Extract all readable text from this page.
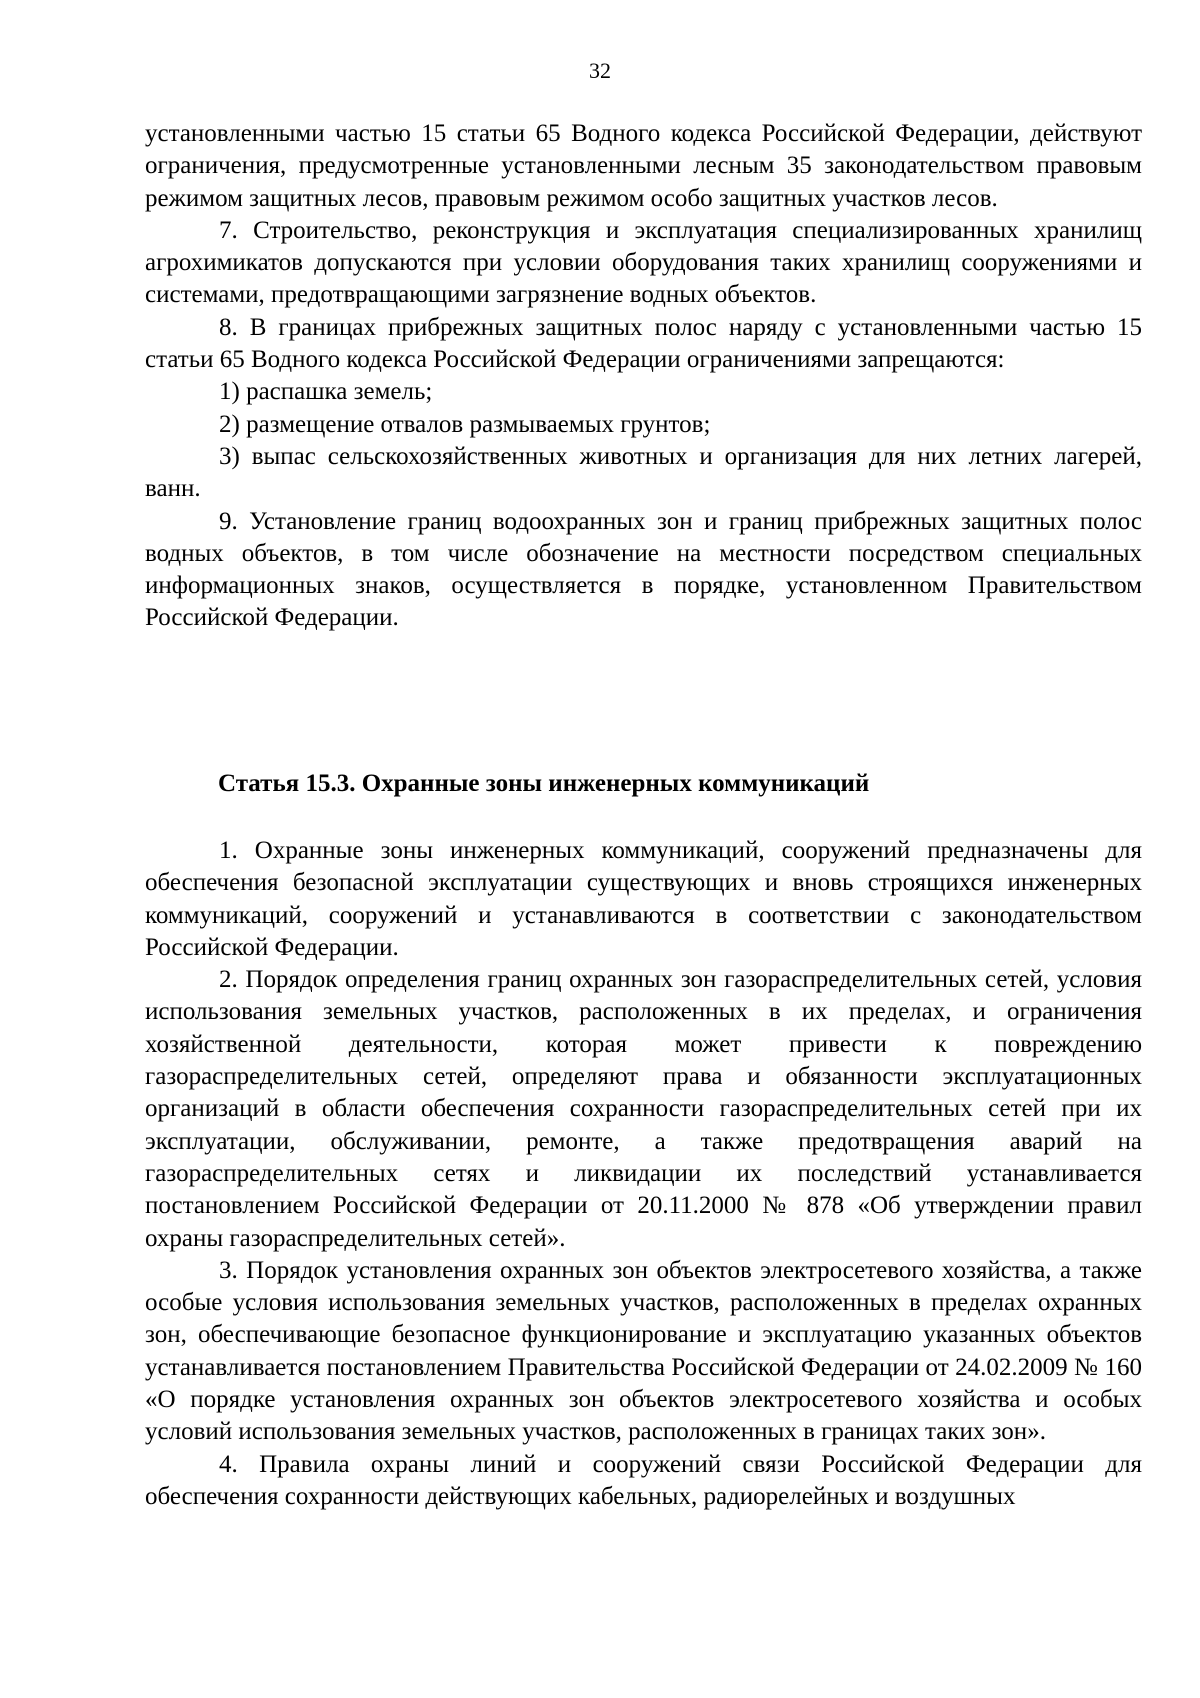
32

установленными частью 15 статьи 65 Водного кодекса Российской Федерации, действуют ограничения, предусмотренные установленными лесным 35 законодательством правовым режимом защитных лесов, правовым режимом особо защитных участков лесов.

7. Строительство, реконструкция и эксплуатация специализированных хранилищ агрохимикатов допускаются при условии оборудования таких хранилищ сооружениями и системами, предотвращающими загрязнение водных объектов.

8. В границах прибрежных защитных полос наряду с установленными частью 15 статьи 65 Водного кодекса Российской Федерации ограничениями запрещаются:

1) распашка земель;

2) размещение отвалов размываемых грунтов;

3) выпас сельскохозяйственных животных и организация для них летних лагерей, ванн.

9. Установление границ водоохранных зон и границ прибрежных защитных полос водных объектов, в том числе обозначение на местности посредством специальных информационных знаков, осуществляется в порядке, установленном Правительством Российской Федерации.

Статья 15.3. Охранные зоны инженерных коммуникаций

1. Охранные зоны инженерных коммуникаций, сооружений предназначены для обеспечения безопасной эксплуатации существующих и вновь строящихся инженерных коммуникаций, сооружений и устанавливаются в соответствии с законодательством Российской Федерации.

2. Порядок определения границ охранных зон газораспределительных сетей, условия использования земельных участков, расположенных в их пределах, и ограничения хозяйственной деятельности, которая может привести к повреждению газораспределительных сетей, определяют права и обязанности эксплуатационных организаций в области обеспечения сохранности газораспределительных сетей при их эксплуатации, обслуживании, ремонте, а также предотвращения аварий на газораспределительных сетях и ликвидации их последствий устанавливается постановлением Российской Федерации от 20.11.2000 № 878 «Об утверждении правил охраны газораспределительных сетей».

3. Порядок установления охранных зон объектов электросетевого хозяйства, а также особые условия использования земельных участков, расположенных в пределах охранных зон, обеспечивающие безопасное функционирование и эксплуатацию указанных объектов устанавливается постановлением Правительства Российской Федерации от 24.02.2009 № 160 «О порядке установления охранных зон объектов электросетевого хозяйства и особых условий использования земельных участков, расположенных в границах таких зон».

4. Правила охраны линий и сооружений связи Российской Федерации для обеспечения сохранности действующих кабельных, радиорелейных и воздушных
